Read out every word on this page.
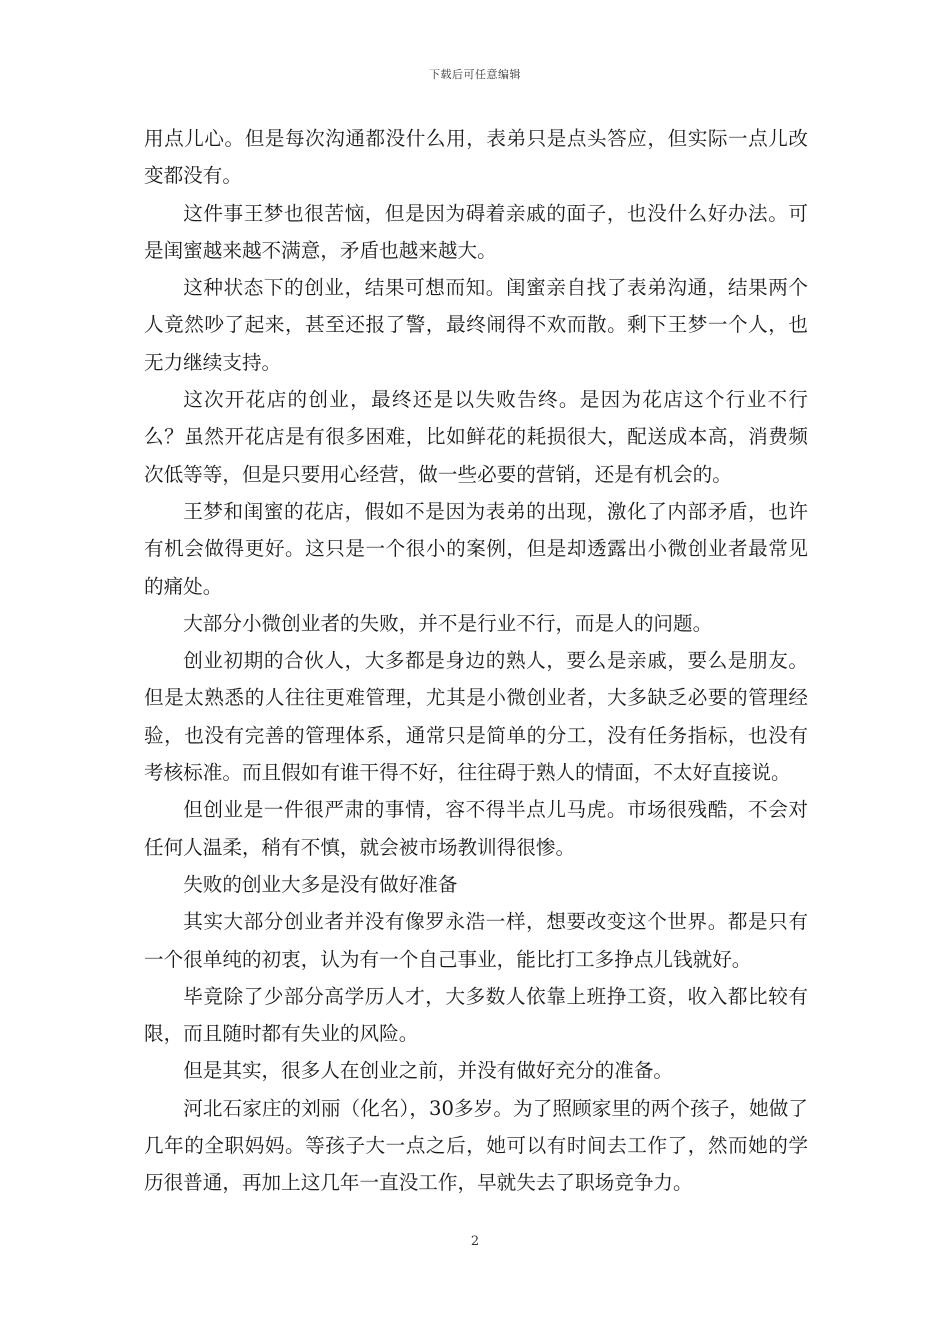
下载后可任意编辑

用点儿心。但是每次沟通都没什么用，表弟只是点头答应，但实际一点儿改变都没有。

这件事王梦也很苦恼，但是因为碍着亲戚的面子，也没什么好办法。可是闺蜜越来越不满意，矛盾也越来越大。

这种状态下的创业，结果可想而知。闺蜜亲自找了表弟沟通，结果两个人竟然吵了起来，甚至还报了警，最终闹得不欢而散。剩下王梦一个人，也无力继续支持。

这次开花店的创业，最终还是以失败告终。是因为花店这个行业不行么？虽然开花店是有很多困难，比如鲜花的耗损很大，配送成本高，消费频次低等等，但是只要用心经营，做一些必要的营销，还是有机会的。

王梦和闺蜜的花店，假如不是因为表弟的出现，激化了内部矛盾，也许有机会做得更好。这只是一个很小的案例，但是却透露出小微创业者最常见的痛处。

大部分小微创业者的失败，并不是行业不行，而是人的问题。

创业初期的合伙人，大多都是身边的熟人，要么是亲戚，要么是朋友。但是太熟悉的人往往更难管理，尤其是小微创业者，大多缺乏必要的管理经验，也没有完善的管理体系，通常只是简单的分工，没有任务指标，也没有考核标准。而且假如有谁干得不好，往往碍于熟人的情面，不太好直接说。

但创业是一件很严肃的事情，容不得半点儿马虎。市场很残酷，不会对任何人温柔，稍有不慎，就会被市场教训得很惨。

失败的创业大多是没有做好准备

其实大部分创业者并没有像罗永浩一样，想要改变这个世界。都是只有一个很单纯的初衷，认为有一个自己事业，能比打工多挣点儿钱就好。

毕竟除了少部分高学历人才，大多数人依靠上班挣工资，收入都比较有限，而且随时都有失业的风险。

但是其实，很多人在创业之前，并没有做好充分的准备。

河北石家庄的刘丽（化名），30多岁。为了照顾家里的两个孩子，她做了几年的全职妈妈。等孩子大一点之后，她可以有时间去工作了，然而她的学历很普通，再加上这几年一直没工作，早就失去了职场竞争力。

2
